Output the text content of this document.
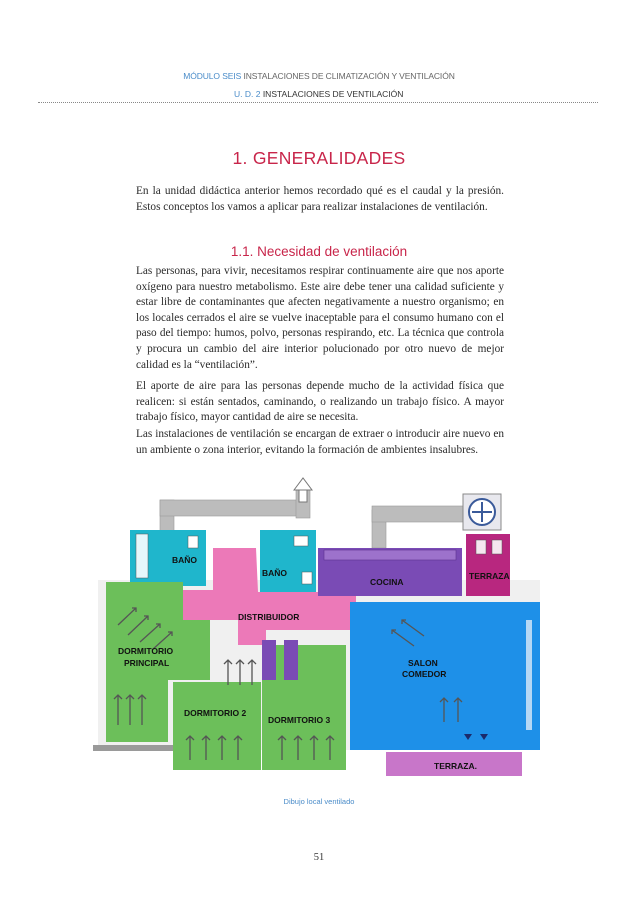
MÓDULO SEIS INSTALACIONES DE CLIMATIZACIÓN Y VENTILACIÓN
U. D. 2 INSTALACIONES DE VENTILACIÓN
1. GENERALIDADES

En la unidad didáctica anterior hemos recordado qué es el caudal y la presión. Estos conceptos los vamos a aplicar para realizar instalaciones de ventilación.

1.1. Necesidad de ventilación

Las personas, para vivir, necesitamos respirar continuamente aire que nos aporte oxígeno para nuestro metabolismo. Este aire debe tener una calidad suficiente y estar libre de contaminantes que afecten negativamente a nuestro organismo; en los locales cerrados el aire se vuelve inaceptable para el consumo humano con el paso del tiempo: humos, polvo, personas respirando, etc. La técnica que controla y procura un cambio del aire interior polucionado por otro nuevo de mejor calidad es la “ventilación”.

El aporte de aire para las personas depende mucho de la actividad física que realicen: si están sentados, caminando, o realizando un trabajo físico. A mayor trabajo físico, mayor cantidad de aire se necesita.

Las instalaciones de ventilación se encargan de extraer o introducir aire nuevo en un ambiente o zona interior, evitando la formación de ambientes insalubres.

BAÑO
BAÑO
COCINA
TERRAZA
DISTRIBUIDOR
DORMITORIO
PRINCIPAL	SALON
COMEDOR
DORMITORIO 2
DORMITORIO 3
TERRAZA.
Dibujo local ventilado
51
